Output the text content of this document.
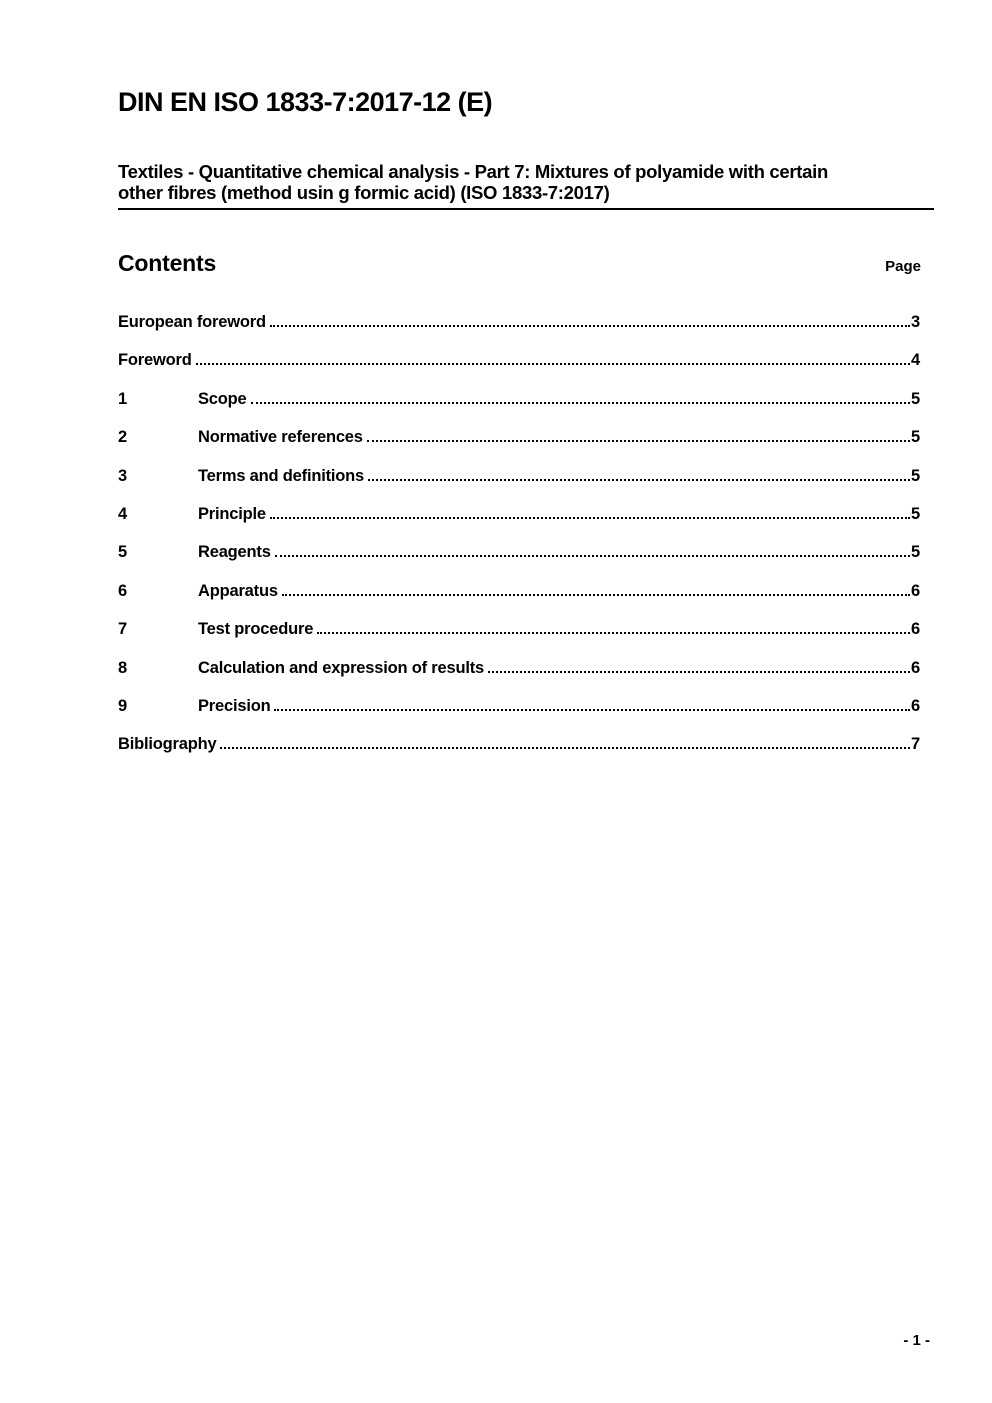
DIN EN ISO 1833-7:2017-12 (E)
Textiles - Quantitative chemical analysis - Part 7: Mixtures of polyamide with certain
other fibres (method usin g formic acid) (ISO 1833-7:2017)
Contents	Page
European foreword	3
Foreword	4
1	Scope	5
2	Normative references	5
3	Terms and definitions	5
4	Principle	5
5	Reagents	5
6	Apparatus	6
7	Test procedure	6
8	Calculation and expression of results	6
9	Precision	6
Bibliography	7
- 1 -
